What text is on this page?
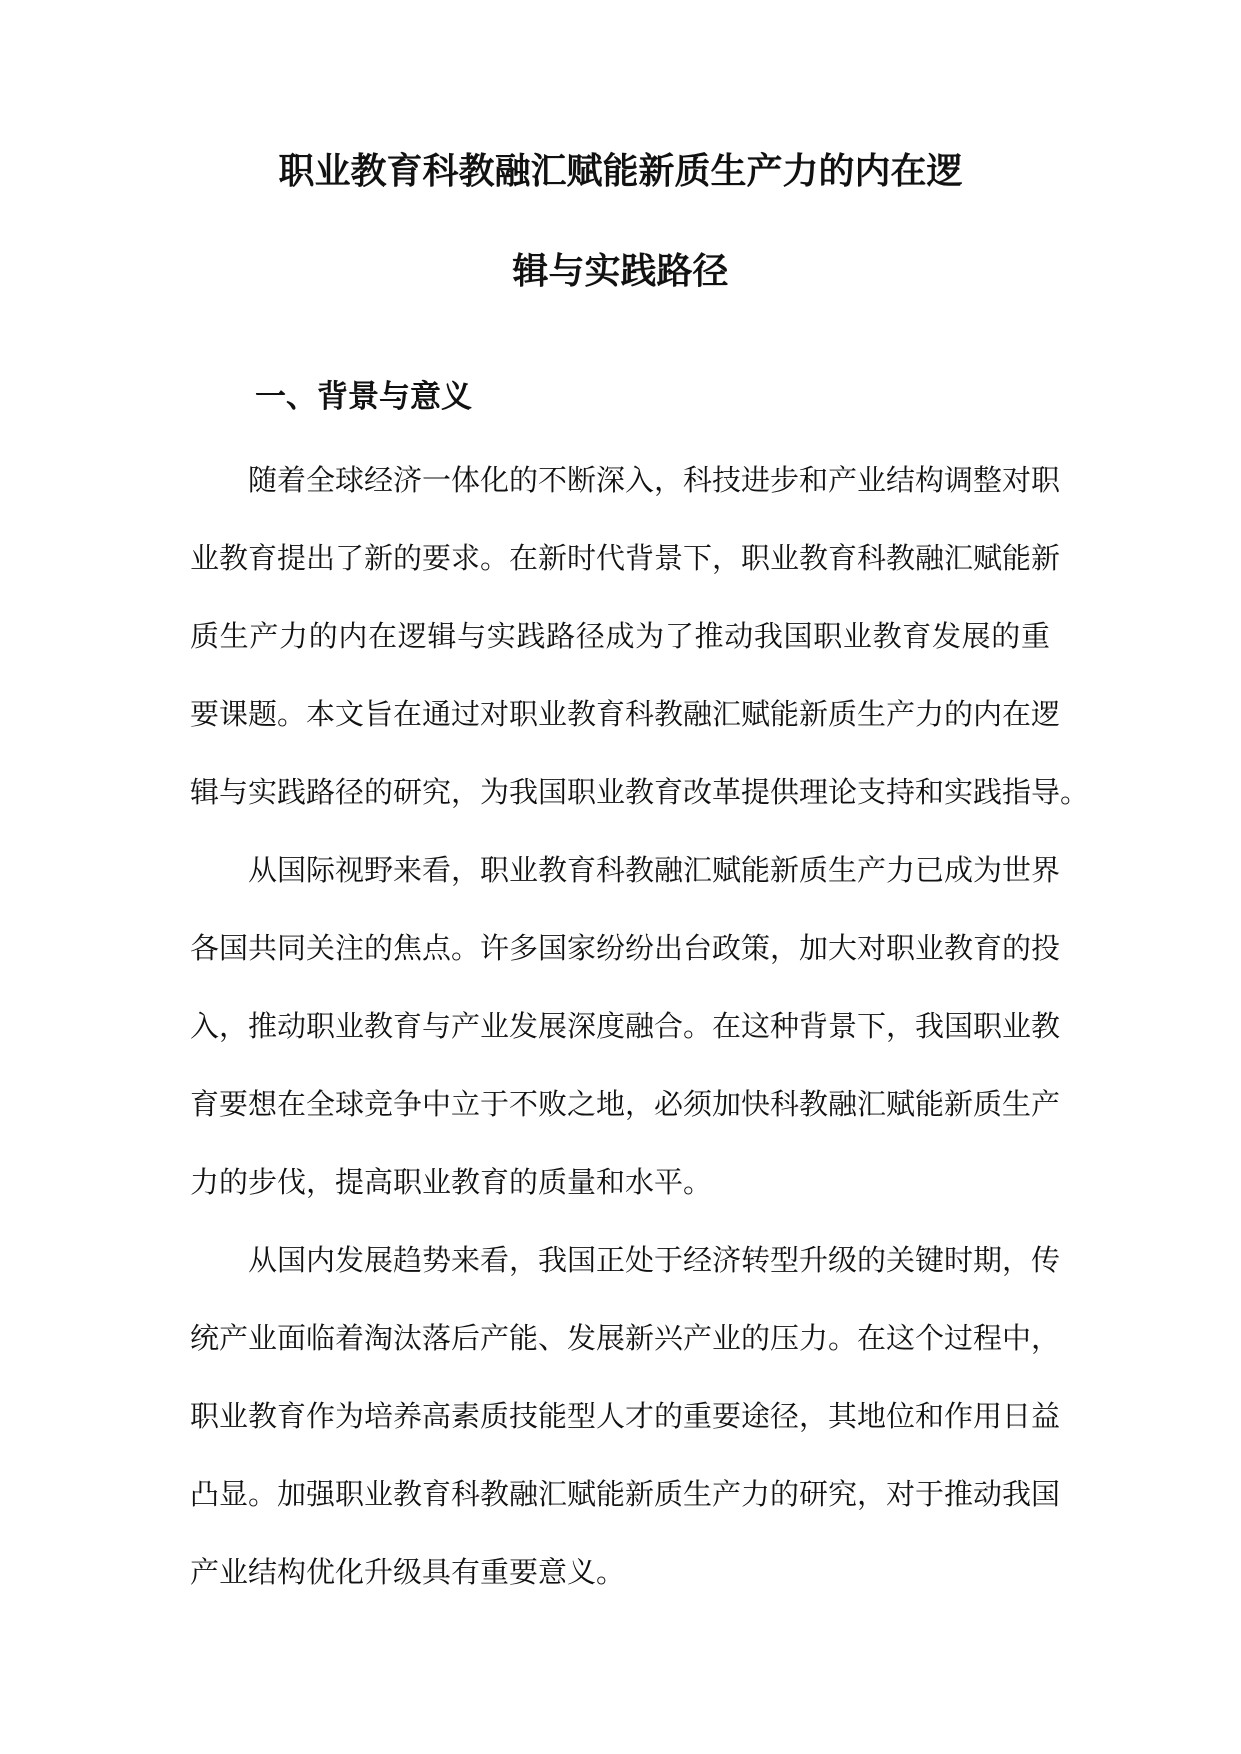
职业教育科教融汇赋能新质生产力的内在逻
辑与实践路径
一、背景与意义
随着全球经济一体化的不断深入，科技进步和产业结构调整对职
业教育提出了新的要求。在新时代背景下，职业教育科教融汇赋能新
质生产力的内在逻辑与实践路径成为了推动我国职业教育发展的重
要课题。本文旨在通过对职业教育科教融汇赋能新质生产力的内在逻
辑与实践路径的研究，为我国职业教育改革提供理论支持和实践指导。
从国际视野来看，职业教育科教融汇赋能新质生产力已成为世界
各国共同关注的焦点。许多国家纷纷出台政策，加大对职业教育的投
入，推动职业教育与产业发展深度融合。在这种背景下，我国职业教
育要想在全球竞争中立于不败之地，必须加快科教融汇赋能新质生产
力的步伐，提高职业教育的质量和水平。
从国内发展趋势来看，我国正处于经济转型升级的关键时期，传
统产业面临着淘汰落后产能、发展新兴产业的压力。在这个过程中，
职业教育作为培养高素质技能型人才的重要途径，其地位和作用日益
凸显。加强职业教育科教融汇赋能新质生产力的研究，对于推动我国
产业结构优化升级具有重要意义。
